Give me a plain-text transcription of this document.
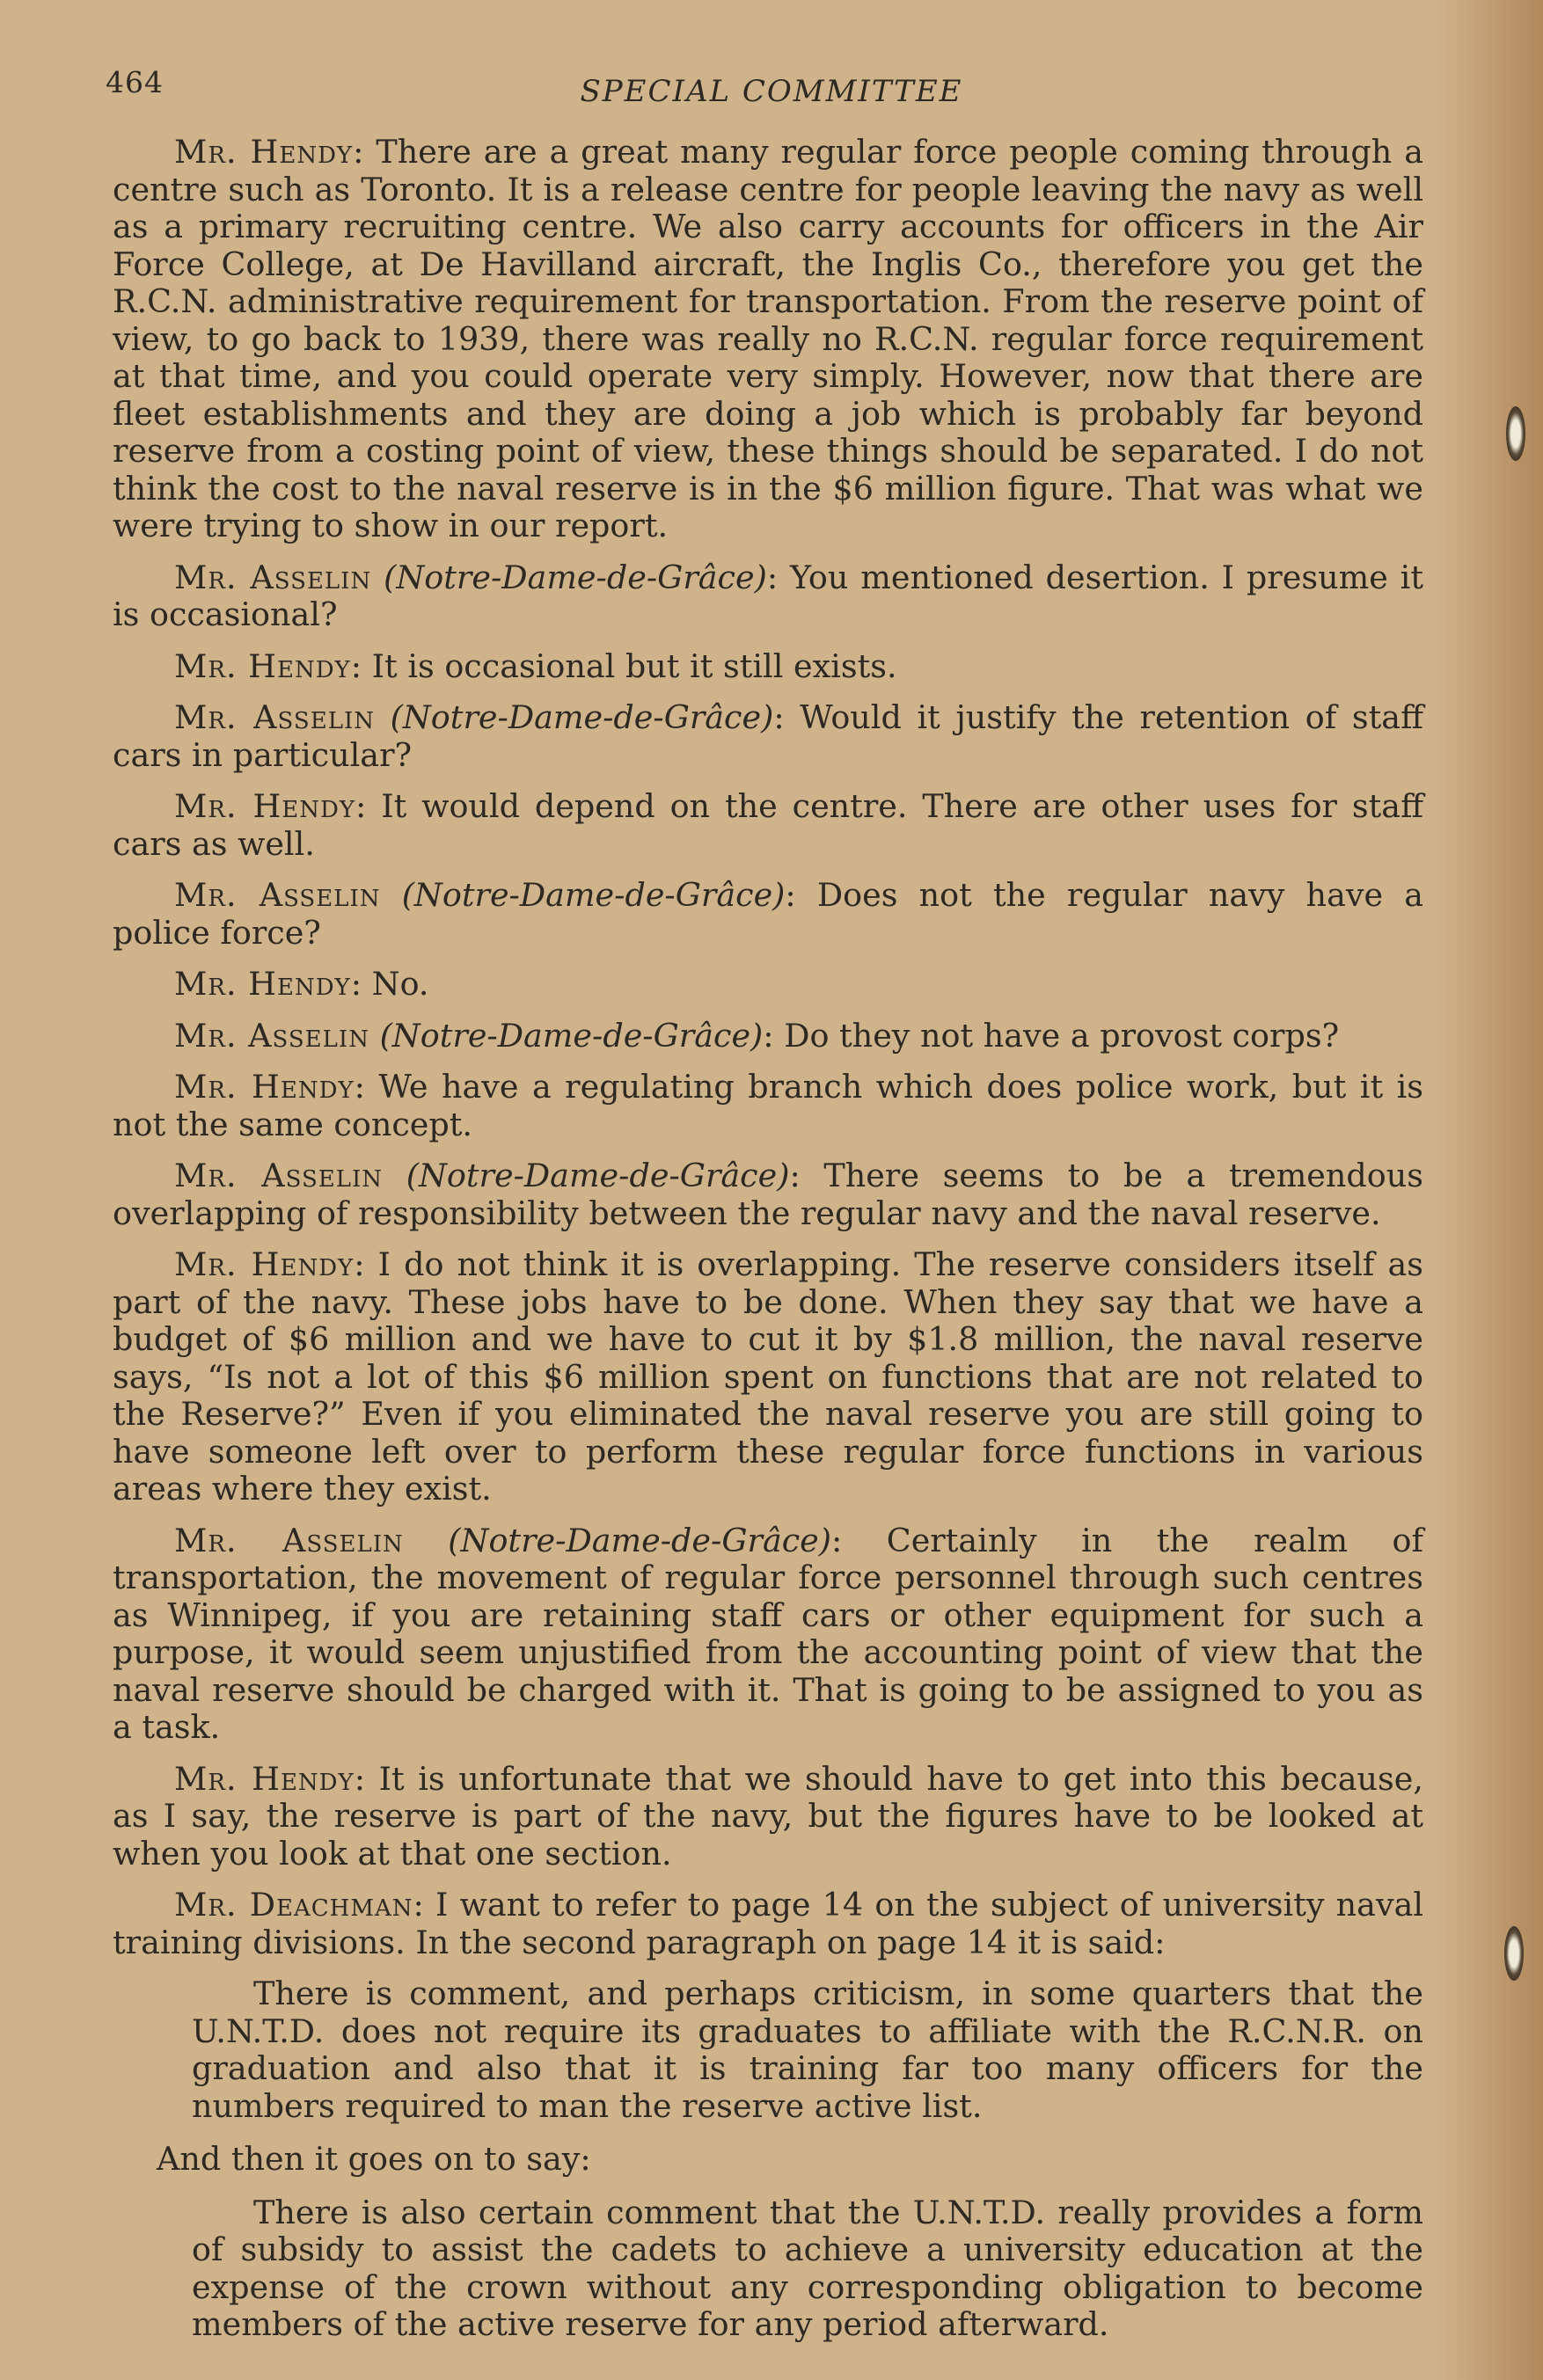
464	SPECIAL COMMITTEE

Mr. Hendy: There are a great many regular force people coming through a centre such as Toronto. It is a release centre for people leaving the navy as well as a primary recruiting centre. We also carry accounts for officers in the Air Force College, at De Havilland aircraft, the Inglis Co., therefore you get the R.C.N. administrative requirement for transportation. From the reserve point of view, to go back to 1939, there was really no R.C.N. regular force requirement at that time, and you could operate very simply. However, now that there are fleet establishments and they are doing a job which is probably far beyond reserve from a costing point of view, these things should be separated. I do not think the cost to the naval reserve is in the $6 million figure. That was what we were trying to show in our report.

Mr. Asselin (Notre-Dame-de-Grâce): You mentioned desertion. I presume it is occasional?

Mr. Hendy: It is occasional but it still exists.

Mr. Asselin (Notre-Dame-de-Grâce): Would it justify the retention of staff cars in particular?

Mr. Hendy: It would depend on the centre. There are other uses for staff cars as well.

Mr. Asselin (Notre-Dame-de-Grâce): Does not the regular navy have a police force?

Mr. Hendy: No.

Mr. Asselin (Notre-Dame-de-Grâce): Do they not have a provost corps?

Mr. Hendy: We have a regulating branch which does police work, but it is not the same concept.

Mr. Asselin (Notre-Dame-de-Grâce): There seems to be a tremendous overlapping of responsibility between the regular navy and the naval reserve.

Mr. Hendy: I do not think it is overlapping. The reserve considers itself as part of the navy. These jobs have to be done. When they say that we have a budget of $6 million and we have to cut it by $1.8 million, the naval reserve says, “Is not a lot of this $6 million spent on functions that are not related to the Reserve?” Even if you eliminated the naval reserve you are still going to have someone left over to perform these regular force functions in various areas where they exist.

Mr. Asselin (Notre-Dame-de-Grâce): Certainly in the realm of transportation, the movement of regular force personnel through such centres as Winnipeg, if you are retaining staff cars or other equipment for such a purpose, it would seem unjustified from the accounting point of view that the naval reserve should be charged with it. That is going to be assigned to you as a task.

Mr. Hendy: It is unfortunate that we should have to get into this because, as I say, the reserve is part of the navy, but the figures have to be looked at when you look at that one section.

Mr. Deachman: I want to refer to page 14 on the subject of university naval training divisions. In the second paragraph on page 14 it is said:

There is comment, and perhaps criticism, in some quarters that the U.N.T.D. does not require its graduates to affiliate with the R.C.N.R. on graduation and also that it is training far too many officers for the numbers required to man the reserve active list.

And then it goes on to say:

There is also certain comment that the U.N.T.D. really provides a form of subsidy to assist the cadets to achieve a university education at the expense of the crown without any corresponding obligation to become members of the active reserve for any period afterward.
